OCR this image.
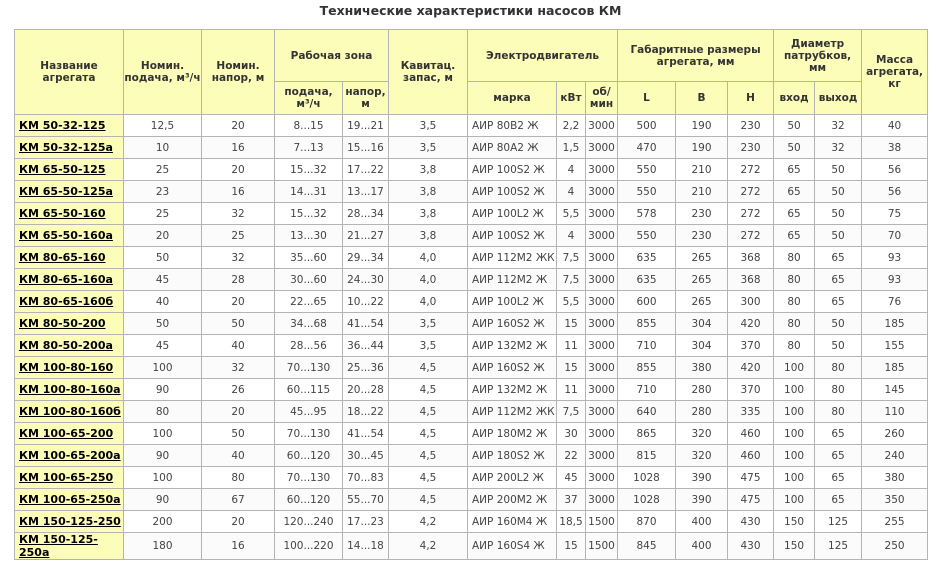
Технические характеристики насосов КМ
Название агрегата	Номин. подача, м³/ч	Номин. напор, м	Рабочая зона		Кавитац. запас, м	Электродвигатель			Габаритные размеры агрегата, мм			Диаметр патрубков, мм		Масса агрегата, кг
			подача, м³/ч	напор, м		марка	кВт	об/ мин	L	B	H	вход	выход	
КМ 50-32-125	12,5	20	8...15	19...21	3,5	АИР 80В2 Ж	2,2	3000	500	190	230	50	32	40
КМ 50-32-125а	10	16	7...13	15...16	3,5	АИР 80А2 Ж	1,5	3000	470	190	230	50	32	38
КМ 65-50-125	25	20	15...32	17...22	3,8	АИР 100S2 Ж	4	3000	550	210	272	65	50	56
КМ 65-50-125а	23	16	14...31	13...17	3,8	АИР 100S2 Ж	4	3000	550	210	272	65	50	56
КМ 65-50-160	25	32	15...32	28...34	3,8	АИР 100L2 Ж	5,5	3000	578	230	272	65	50	75
КМ 65-50-160а	20	25	13...30	21...27	3,8	АИР 100S2 Ж	4	3000	550	230	272	65	50	70
КМ 80-65-160	50	32	35...60	29...34	4,0	АИР 112М2 ЖК	7,5	3000	635	265	368	80	65	93
КМ 80-65-160а	45	28	30...60	24...30	4,0	АИР 112М2 Ж	7,5	3000	635	265	368	80	65	93
КМ 80-65-160б	40	20	22...65	10...22	4,0	АИР 100L2 Ж	5,5	3000	600	265	300	80	65	76
КМ 80-50-200	50	50	34...68	41...54	3,5	АИР 160S2 Ж	15	3000	855	304	420	80	50	185
КМ 80-50-200а	45	40	28...56	36...44	3,5	АИР 132М2 Ж	11	3000	710	304	370	80	50	155
КМ 100-80-160	100	32	70...130	25...36	4,5	АИР 160S2 Ж	15	3000	855	380	420	100	80	185
КМ 100-80-160а	90	26	60...115	20...28	4,5	АИР 132М2 Ж	11	3000	710	280	370	100	80	145
КМ 100-80-160б	80	20	45...95	18...22	4,5	АИР 112М2 ЖК	7,5	3000	640	280	335	100	80	110
КМ 100-65-200	100	50	70...130	41...54	4,5	АИР 180М2 Ж	30	3000	865	320	460	100	65	260
КМ 100-65-200а	90	40	60...120	30...45	4,5	АИР 180S2 Ж	22	3000	815	320	460	100	65	240
КМ 100-65-250	100	80	70...130	70...83	4,5	АИР 200L2 Ж	45	3000	1028	390	475	100	65	380
КМ 100-65-250а	90	67	60...120	55...70	4,5	АИР 200М2 Ж	37	3000	1028	390	475	100	65	350
КМ 150-125-250	200	20	120...240	17...23	4,2	АИР 160М4 Ж	18,5	1500	870	400	430	150	125	255
КМ 150-125-250а	180	16	100...220	14...18	4,2	АИР 160S4 Ж	15	1500	845	400	430	150	125	250
